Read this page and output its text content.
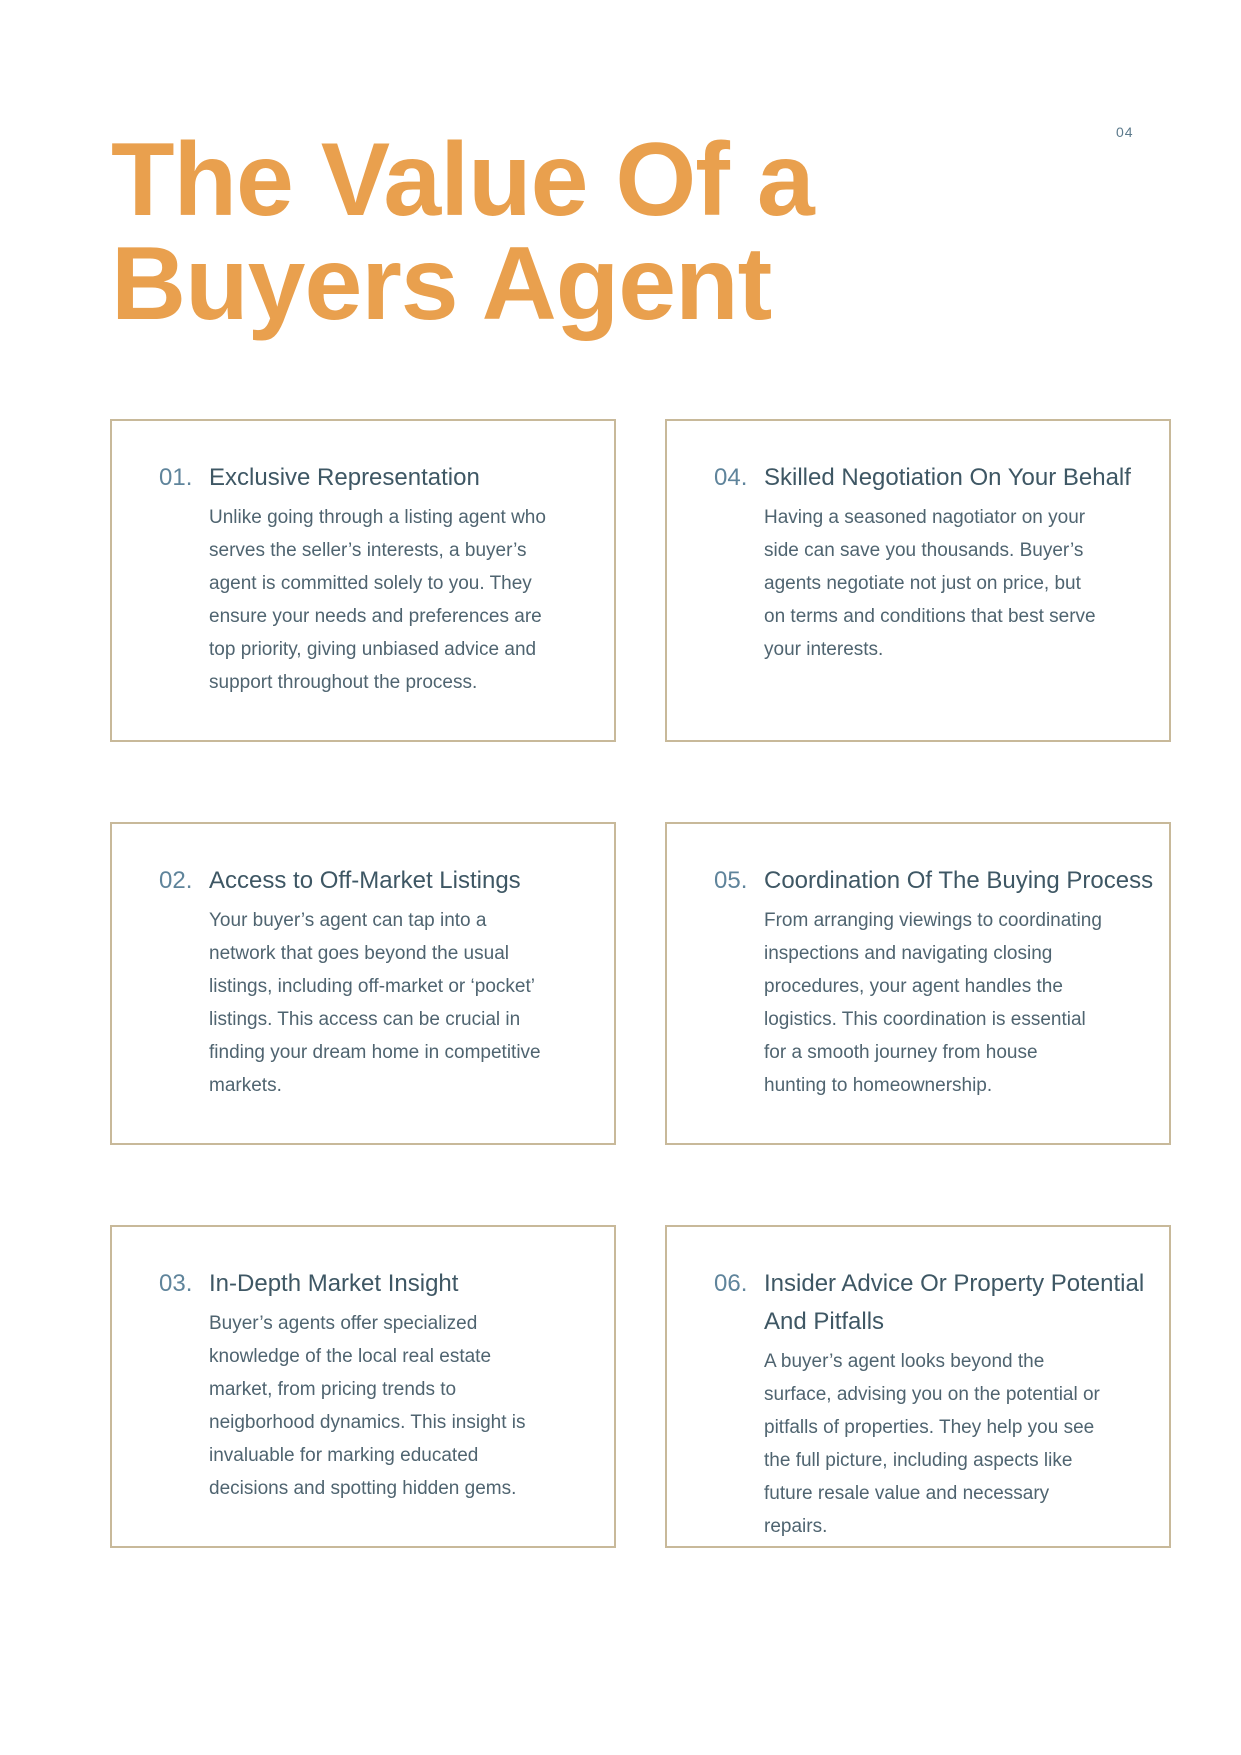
04
The Value Of a Buyers Agent
01. Exclusive Representation
Unlike going through a listing agent who serves the seller’s interests, a buyer’s agent is committed solely to you. They ensure your needs and preferences are top priority, giving unbiased advice and support throughout the process.
02. Access to Off-Market Listings
Your buyer’s agent can tap into a network that goes beyond the usual listings, including off-market or ‘pocket’ listings. This access can be crucial in finding your dream home in competitive markets.
03. In-Depth Market Insight
Buyer’s agents offer specialized knowledge of the local real estate market, from pricing trends to neigborhood dynamics. This insight is invaluable for marking educated decisions and spotting hidden gems.
04. Skilled Negotiation On Your Behalf
Having a seasoned nagotiator on your side can save you thousands. Buyer’s agents negotiate not just on price, but on terms and conditions that best serve your interests.
05. Coordination Of The Buying Process
From arranging viewings to coordinating inspections and navigating closing procedures, your agent handles the logistics. This coordination is essential for a smooth journey from house hunting to homeownership.
06. Insider Advice Or Property Potential And Pitfalls
A buyer’s agent looks beyond the surface, advising you on the potential or pitfalls of properties. They help you see the full picture, including aspects like future resale value and necessary repairs.
